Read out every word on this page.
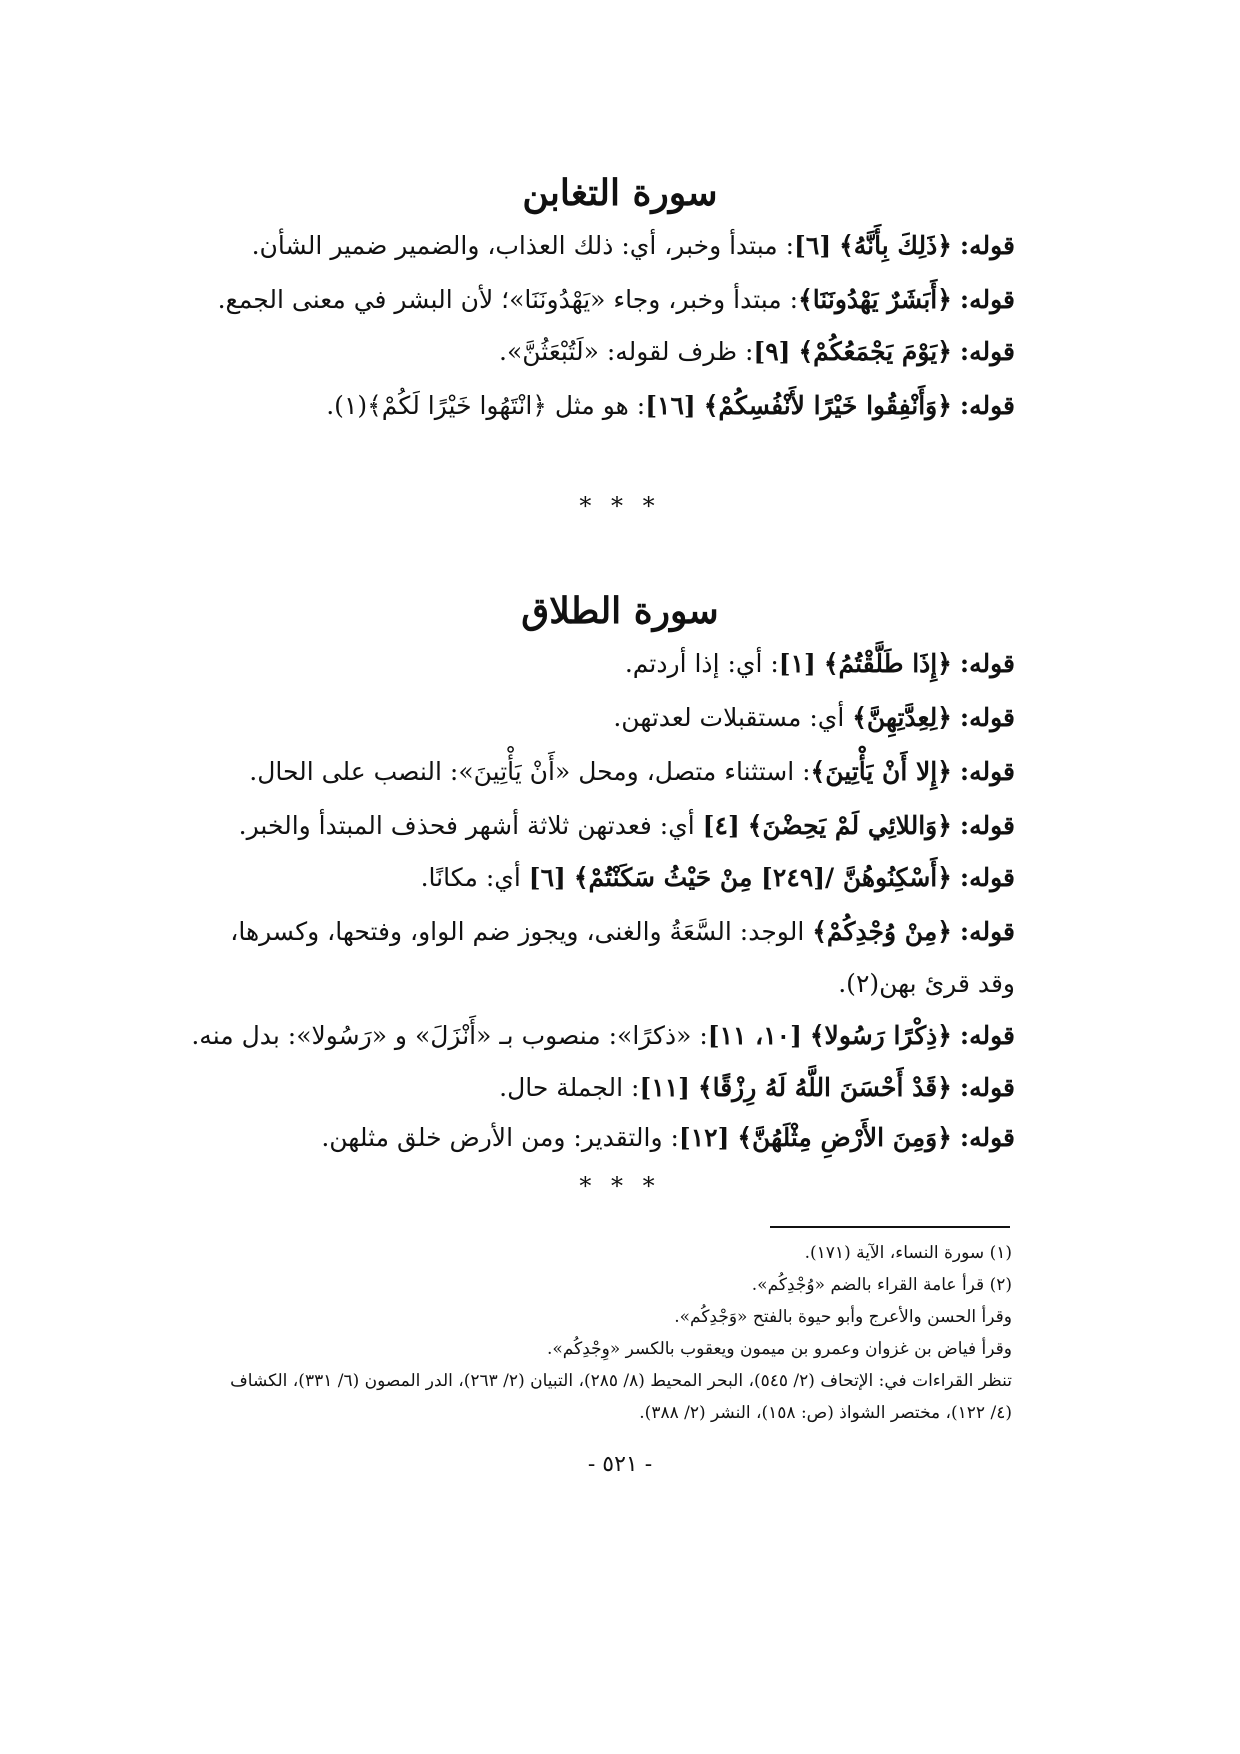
سورة التغابن
قوله:﴿ذَلِكَ بِأَنَّهُ﴾ [٦]: مبتدأ وخبر، أي: ذلك العذاب، والضمير ضمير الشأن.
قوله:﴿أَبَشَرٌ يَهْدُونَنَا﴾: مبتدأ وخبر، وجاء «يَهْدُونَنَا»؛ لأن البشر في معنى الجمع.
قوله:﴿يَوْمَ يَجْمَعُكُمْ﴾ [٩]: ظرف لقوله: «لَتُبْعَثُنَّ».
قوله:﴿وَأَنْفِقُوا خَيْرًا لأَنْفُسِكُمْ﴾ [١٦]: هو مثل ﴿انْتَهُوا خَيْرًا لَكُمْ﴾(١).
* * *
سورة الطلاق
قوله:﴿إِذَا طَلَّقْتُمُ﴾ [١]: أي: إذا أردتم.
قوله:﴿لِعِدَّتِهِنَّ﴾ أي: مستقبلات لعدتهن.
قوله:﴿إِلا أَنْ يَأْتِينَ﴾: استثناء متصل، ومحل «أَنْ يَأْتِينَ»: النصب على الحال.
قوله:﴿وَاللائِي لَمْ يَحِضْنَ﴾ [٤] أي: فعدتهن ثلاثة أشهر فحذف المبتدأ والخبر.
قوله:﴿أَسْكِنُوهُنَّ /[٢٤٩] مِنْ حَيْثُ سَكَنْتُمْ﴾ [٦] أي: مكانًا.
قوله:﴿مِنْ وُجْدِكُمْ﴾ الوجد: السَّعَةُ والغنى، ويجوز ضم الواو، وفتحها، وكسرها،
وقد قرئ بهن(٢).
قوله:﴿ذِكْرًا رَسُولا﴾ [١٠، ١١]: «ذكرًا»: منصوب بـ «أَنْزَلَ» و «رَسُولا»: بدل منه.
قوله:﴿قَدْ أَحْسَنَ اللَّهُ لَهُ رِزْقًا﴾ [١١]: الجملة حال.
قوله:﴿وَمِنَ الأَرْضِ مِثْلَهُنَّ﴾ [١٢]: والتقدير: ومن الأرض خلق مثلهن.
* * *
(١) سورة النساء، الآية (١٧١).
(٢) قرأ عامة القراء بالضم «وُجْدِكُم».
وقرأ الحسن والأعرج وأبو حيوة بالفتح «وَجْدِكُم».
وقرأ فياض بن غزوان وعمرو بن ميمون ويعقوب بالكسر «وِجْدِكُم».
تنظر القراءات في: الإتحاف (٢/ ٥٤٥)، البحر المحيط (٨/ ٢٨٥)، التبيان (٢/ ٢٦٣)، الدر المصون (٦/ ٣٣١)، الكشاف
(٤/ ١٢٢)، مختصر الشواذ (ص: ١٥٨)، النشر (٢/ ٣٨٨).
- ٥٢١ -
